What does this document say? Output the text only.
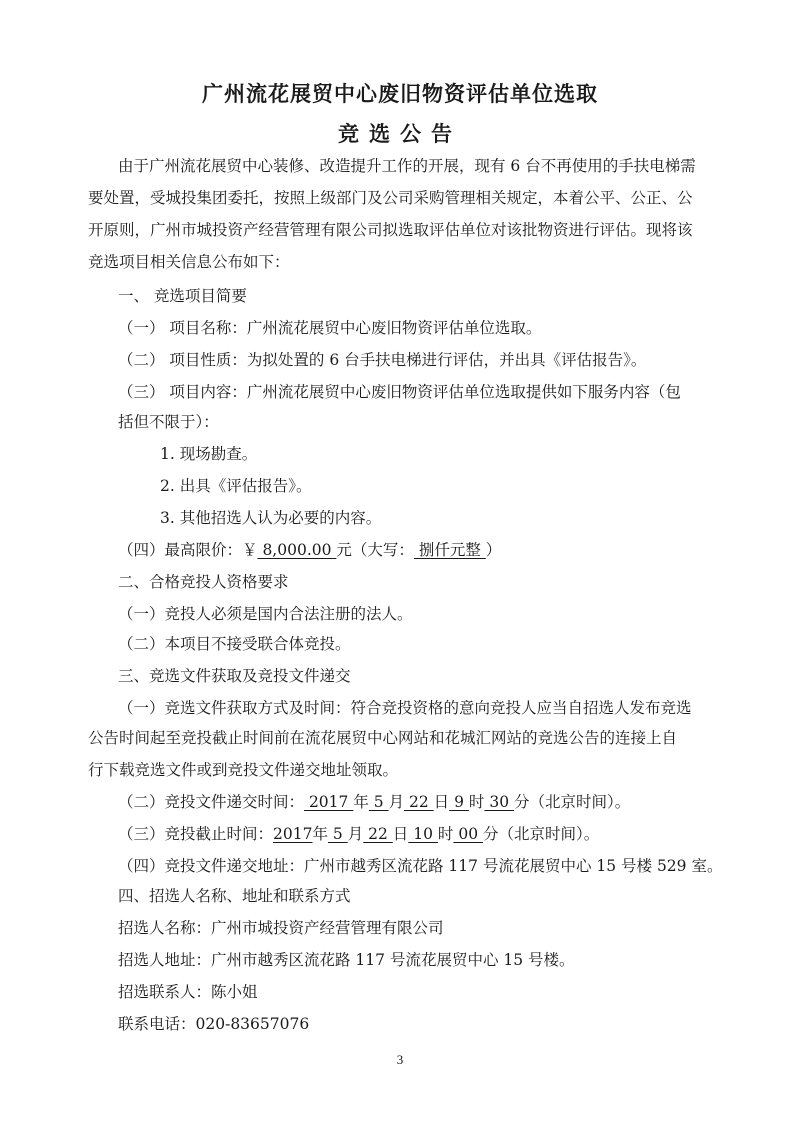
广州流花展贸中心废旧物资评估单位选取
竞选公告
由于广州流花展贸中心装修、改造提升工作的开展，现有 6 台不再使用的手扶电梯需
要处置，受城投集团委托，按照上级部门及公司采购管理相关规定，本着公平、公正、公
开原则，广州市城投资产经营管理有限公司拟选取评估单位对该批物资进行评估。现将该
竞选项目相关信息公布如下：
一、 竞选项目简要
（一） 项目名称：广州流花展贸中心废旧物资评估单位选取。
（二） 项目性质：为拟处置的 6 台手扶电梯进行评估，并出具《评估报告》。
（三） 项目内容：广州流花展贸中心废旧物资评估单位选取提供如下服务内容（包
括但不限于）：
1. 现场勘查。
2. 出具《评估报告》。
3. 其他招选人认为必要的内容。
（四）最高限价：￥ 8,000.00 元（大写： 捌仟元整 ）
二、合格竞投人资格要求
（一）竞投人必须是国内合法注册的法人。
（二）本项目不接受联合体竞投。
三、竞选文件获取及竞投文件递交
（一）竞选文件获取方式及时间：符合竞投资格的意向竞投人应当自招选人发布竞选
公告时间起至竞投截止时间前在流花展贸中心网站和花城汇网站的竞选公告的连接上自
行下载竞选文件或到竞投文件递交地址领取。
（二）竞投文件递交时间： 2017 年 5 月 22 日 9 时 30 分（北京时间）。
（三）竞投截止时间：2017年 5 月 22 日 10 时 00 分（北京时间）。
（四）竞投文件递交地址：广州市越秀区流花路 117 号流花展贸中心 15 号楼 529 室。
四、招选人名称、地址和联系方式
招选人名称：广州市城投资产经营管理有限公司
招选人地址：广州市越秀区流花路 117 号流花展贸中心 15 号楼。
招选联系人：陈小姐
联系电话：020-83657076
3
